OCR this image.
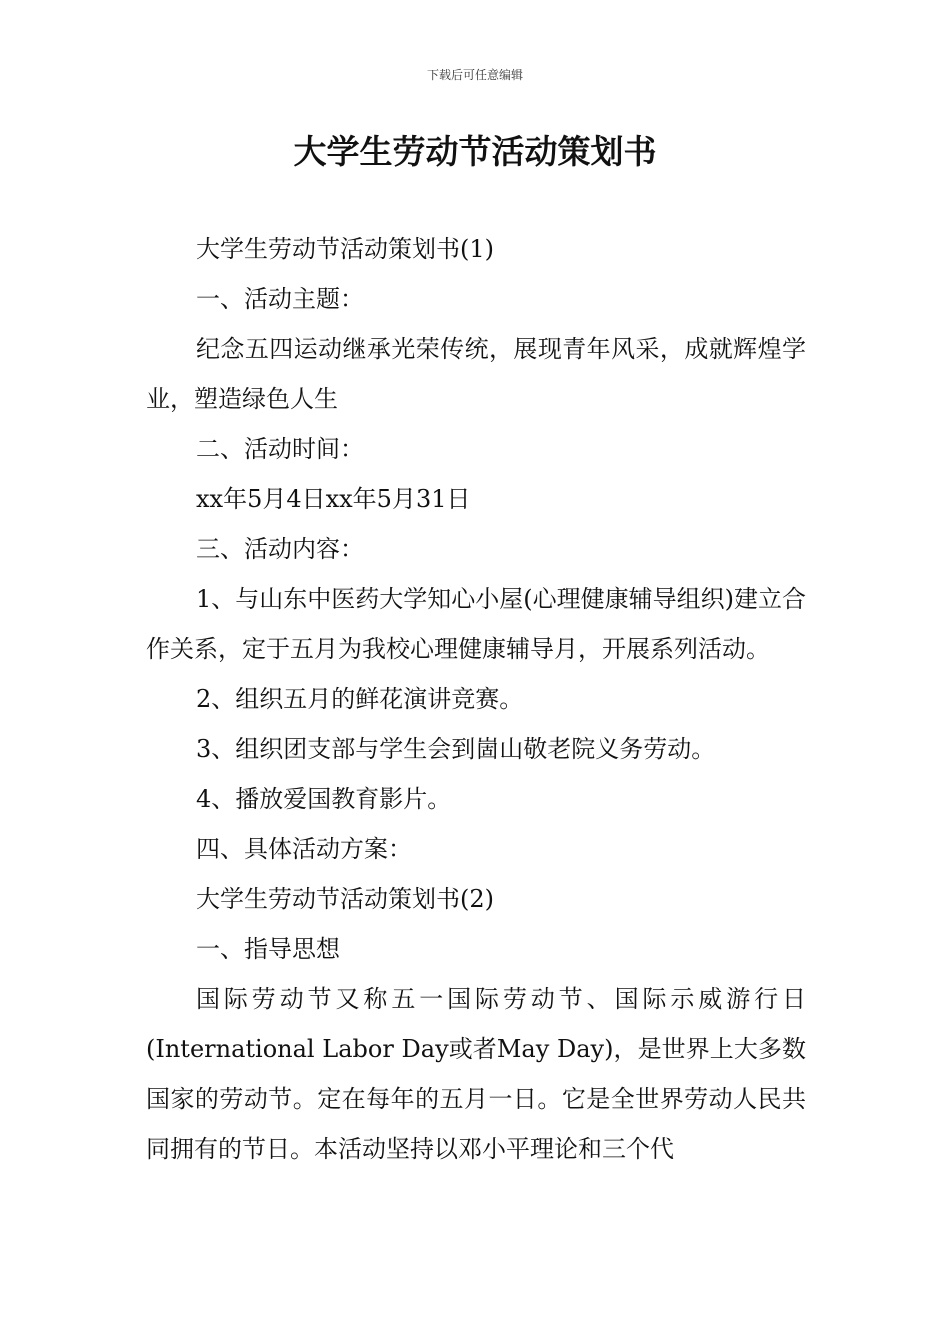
下载后可任意编辑
大学生劳动节活动策划书

大学生劳动节活动策划书(1)

一、活动主题：

纪念五四运动继承光荣传统，展现青年风采，成就辉煌学业，塑造绿色人生

二、活动时间：

xx年5月4日xx年5月31日

三、活动内容：

1、与山东中医药大学知心小屋(心理健康辅导组织)建立合作关系，定于五月为我校心理健康辅导月，开展系列活动。

2、组织五月的鲜花演讲竞赛。

3、组织团支部与学生会到崮山敬老院义务劳动。

4、播放爱国教育影片。

四、具体活动方案：

大学生劳动节活动策划书(2)

一、指导思想

国际劳动节又称五一国际劳动节、国际示威游行日(International Labor Day或者May Day)，是世界上大多数国家的劳动节。定在每年的五月一日。它是全世界劳动人民共同拥有的节日。本活动坚持以邓小平理论和三个代
